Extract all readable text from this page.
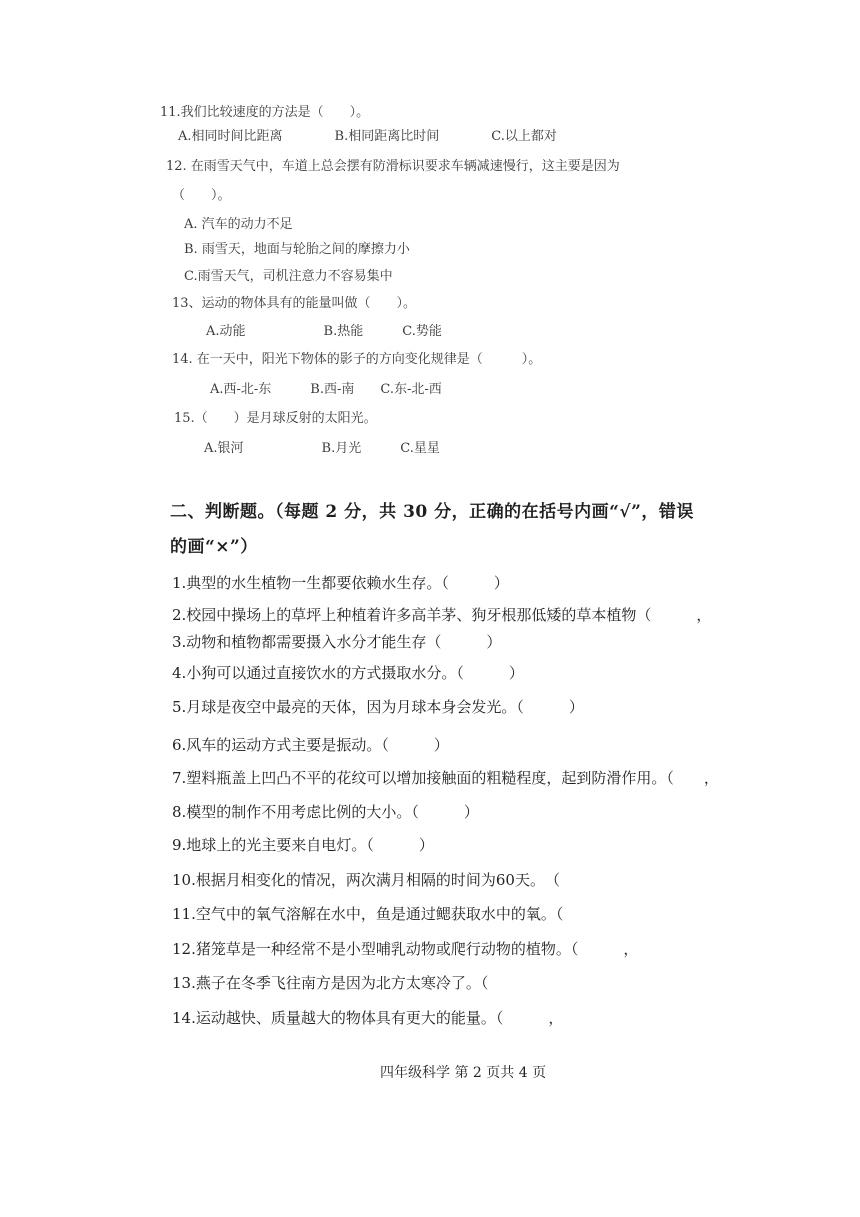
11.我们比较速度的方法是（　　）。
A.相同时间比距离　　　　B.相同距离比时间　　　　C.以上都对
12. 在雨雪天气中，车道上总会摆有防滑标识要求车辆减速慢行，这主要是因为
（　　）。
A. 汽车的动力不足
B. 雨雪天，地面与轮胎之间的摩擦力小
C.雨雪天气，司机注意力不容易集中
13、运动的物体具有的能量叫做（　　）。
A.动能　　　　　　B.热能　　　C.势能
14. 在一天中，阳光下物体的影子的方向变化规律是（　　　）。
A.西-北-东　　　B.西-南　　C.东-北-西
15.（　　）是月球反射的太阳光。
A.银河　　　　　　B.月光　　　C.星星
二、判断题。（每题 2 分，共 30 分，正确的在括号内画“√”，错误
的画“×”）
1.典型的水生植物一生都要依赖水生存。（　　　）
2.校园中操场上的草坪上种植着许多高羊茅、狗牙根那低矮的草本植物（　　　，
3.动物和植物都需要摄入水分才能生存（　　　）
4.小狗可以通过直接饮水的方式摄取水分。（　　　）
5.月球是夜空中最亮的天体，因为月球本身会发光。（　　　）
6.风车的运动方式主要是振动。（　　　）
7.塑料瓶盖上凹凸不平的花纹可以增加接触面的粗糙程度，起到防滑作用。（　　，
8.模型的制作不用考虑比例的大小。（　　　）
9.地球上的光主要来自电灯。（　　　）
10.根据月相变化的情况，两次满月相隔的时间为60天。　（
11.空气中的氧气溶解在水中，鱼是通过鳃获取水中的氧。（
12.猪笼草是一种经常不是小型哺乳动物或爬行动物的植物。（　　　，
13.燕子在冬季飞往南方是因为北方太寒冷了。（
14.运动越快、质量越大的物体具有更大的能量。（　　　，
四年级科学 第 2 页共 4 页
